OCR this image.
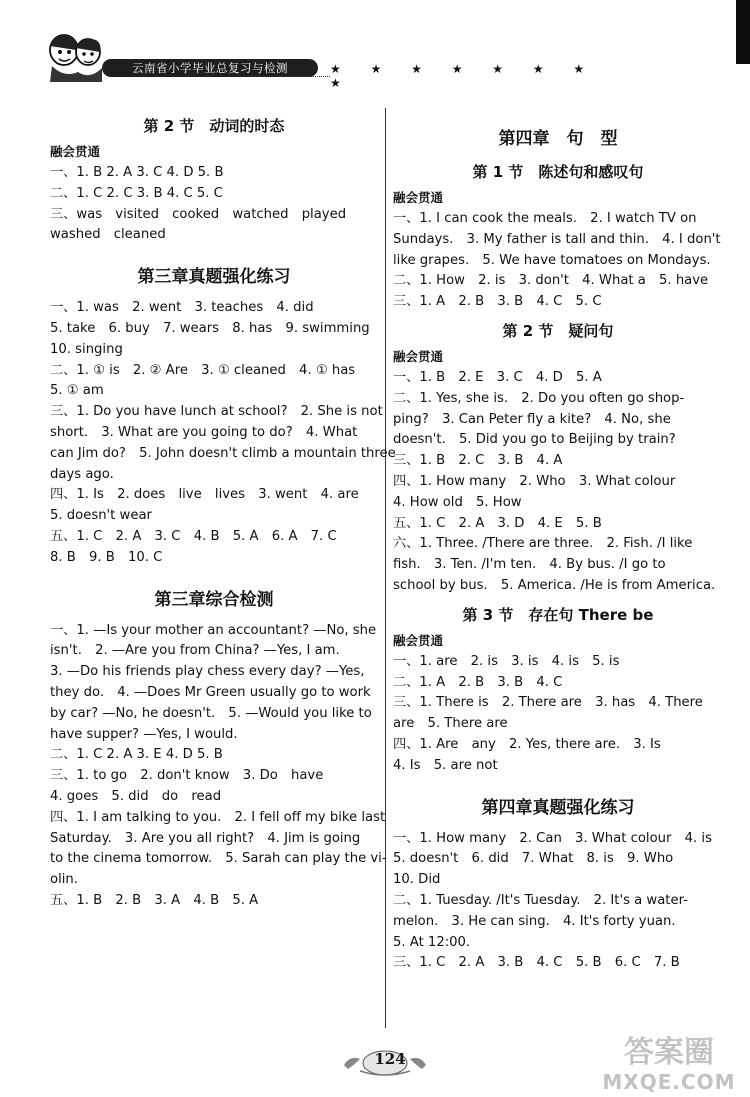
云南省小学毕业总复习与检测	★ ★ ★ ★ ★ ★ ★ ★
第 2 节　动词的时态
融会贯通
一、1. B 2. A 3. C 4. D 5. B
二、1. C 2. C 3. B 4. C 5. C
三、was　visited　cooked　watched　played
washed　cleaned
第三章真题强化练习
一、1. was　2. went　3. teaches　4. did
5. take　6. buy　7. wears　8. has　9. swimming
10. singing
二、1. ① is　2. ② Are　3. ① cleaned　4. ① has
5. ① am
三、1. Do you have lunch at school?　2. She is not
short.　3. What are you going to do?　4. What
can Jim do?　5. John doesn't climb a mountain three
days ago.
四、1. Is　2. does　live　lives　3. went　4. are
5. doesn't wear
五、1. C　2. A　3. C　4. B　5. A　6. A　7. C
8. B　9. B　10. C
第三章综合检测
一、1. —Is your mother an accountant? —No, she
isn't.　2. —Are you from China? —Yes, I am.
3. —Do his friends play chess every day? —Yes,
they do.　4. —Does Mr Green usually go to work
by car? —No, he doesn't.　5. —Would you like to
have supper? —Yes, I would.
二、1. C 2. A 3. E 4. D 5. B
三、1. to go　2. don't know　3. Do　have
4. goes　5. did　do　read
四、1. I am talking to you.　2. I fell off my bike last
Saturday.　3. Are you all right?　4. Jim is going
to the cinema tomorrow.　5. Sarah can play the vi-
olin.
五、1. B　2. B　3. A　4. B　5. A
第四章　句　型
第 1 节　陈述句和感叹句
融会贯通
一、1. I can cook the meals.　2. I watch TV on
Sundays.　3. My father is tall and thin.　4. I don't
like grapes.　5. We have tomatoes on Mondays.
二、1. How　2. is　3. don't　4. What a　5. have
三、1. A　2. B　3. B　4. C　5. C
第 2 节　疑问句
融会贯通
一、1. B　2. E　3. C　4. D　5. A
二、1. Yes, she is.　2. Do you often go shop-
ping?　3. Can Peter fly a kite?　4. No, she
doesn't.　5. Did you go to Beijing by train?
三、1. B　2. C　3. B　4. A
四、1. How many　2. Who　3. What colour
4. How old　5. How
五、1. C　2. A　3. D　4. E　5. B
六、1. Three. /There are three.　2. Fish. /I like
fish.　3. Ten. /I'm ten.　4. By bus. /I go to
school by bus.　5. America. /He is from America.
第 3 节　存在句 There be
融会贯通
一、1. are　2. is　3. is　4. is　5. is
二、1. A　2. B　3. B　4. C
三、1. There is　2. There are　3. has　4. There
are　5. There are
四、1. Are　any　2. Yes, there are.　3. Is
4. Is　5. are not
第四章真题强化练习
一、1. How many　2. Can　3. What colour　4. is
5. doesn't　6. did　7. What　8. is　9. Who
10. Did
二、1. Tuesday. /It's Tuesday.　2. It's a water-
melon.　3. He can sing.　4. It's forty yuan.
5. At 12:00.
三、1. C　2. A　3. B　4. C　5. B　6. C　7. B
124	答案圈
MXQE.COM
